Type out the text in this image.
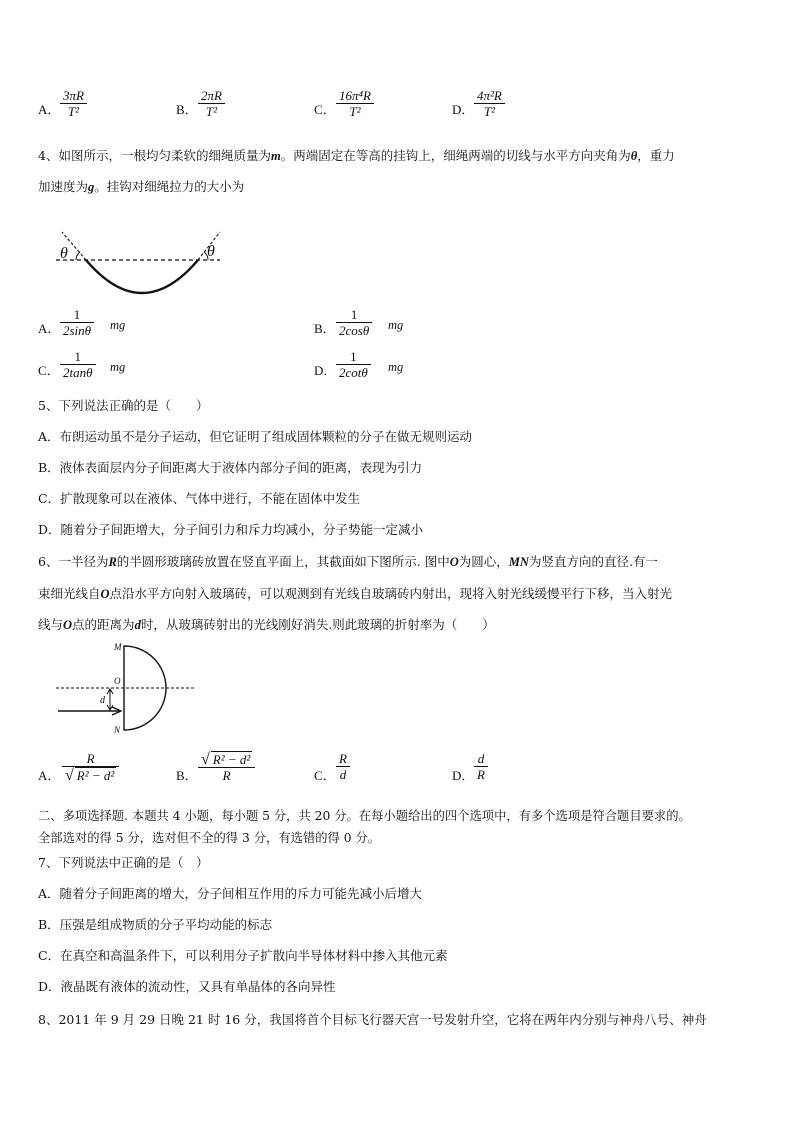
A．
3πR
T²	B．
2πR
T²	C．
16π⁴R
T²	D．
4π²R
T²
4、如图所示，一根均匀柔软的细绳质量为m。两端固定在等高的挂钩上，细绳两端的切线与水平方向夹角为θ，重力
加速度为g。挂钩对细绳拉力的大小为
θ	θ
A．
1
2sinθ mg	B．
1
2cosθ mg
C．
1
2tanθ mg	D．
1
2cotθ mg
5、下列说法正确的是（　　）
A．布朗运动虽不是分子运动，但它证明了组成固体颗粒的分子在做无规则运动
B．液体表面层内分子间距离大于液体内部分子间的距离，表现为引力
C．扩散现象可以在液体、气体中进行，不能在固体中发生
D．随着分子间距增大，分子间引力和斥力均减小，分子势能一定减小
6、一半径为R的半圆形玻璃砖放置在竖直平面上，其截面如下图所示. 图中O为圆心，MN为竖直方向的直径.有一
束细光线自O点沿水平方向射入玻璃砖，可以观测到有光线自玻璃砖内射出，现将入射光线缓慢平行下移，当入射光
线与O点的距离为d时，从玻璃砖射出的光线刚好消失.则此玻璃的折射率为（　　）
M
O
d
N
A．
R
√ R² − d²	B．
√ R² − d²
R	C．
R
d	D．
d
R
二、多项选择题. 本题共 4 小题，每小题 5 分，共 20 分。在每小题给出的四个选项中，有多个选项是符合题目要求的。
全部选对的得 5 分，选对但不全的得 3 分，有选错的得 0 分。
7、下列说法中正确的是（　）
A．随着分子间距离的增大，分子间相互作用的斥力可能先减小后增大
B．压强是组成物质的分子平均动能的标志
C．在真空和高温条件下，可以利用分子扩散向半导体材料中掺入其他元素
D．液晶既有液体的流动性，又具有单晶体的各向异性
8、2011 年 9 月 29 日晚 21 时 16 分，我国将首个目标飞行器天宫一号发射升空，它将在两年内分别与神舟八号、神舟
